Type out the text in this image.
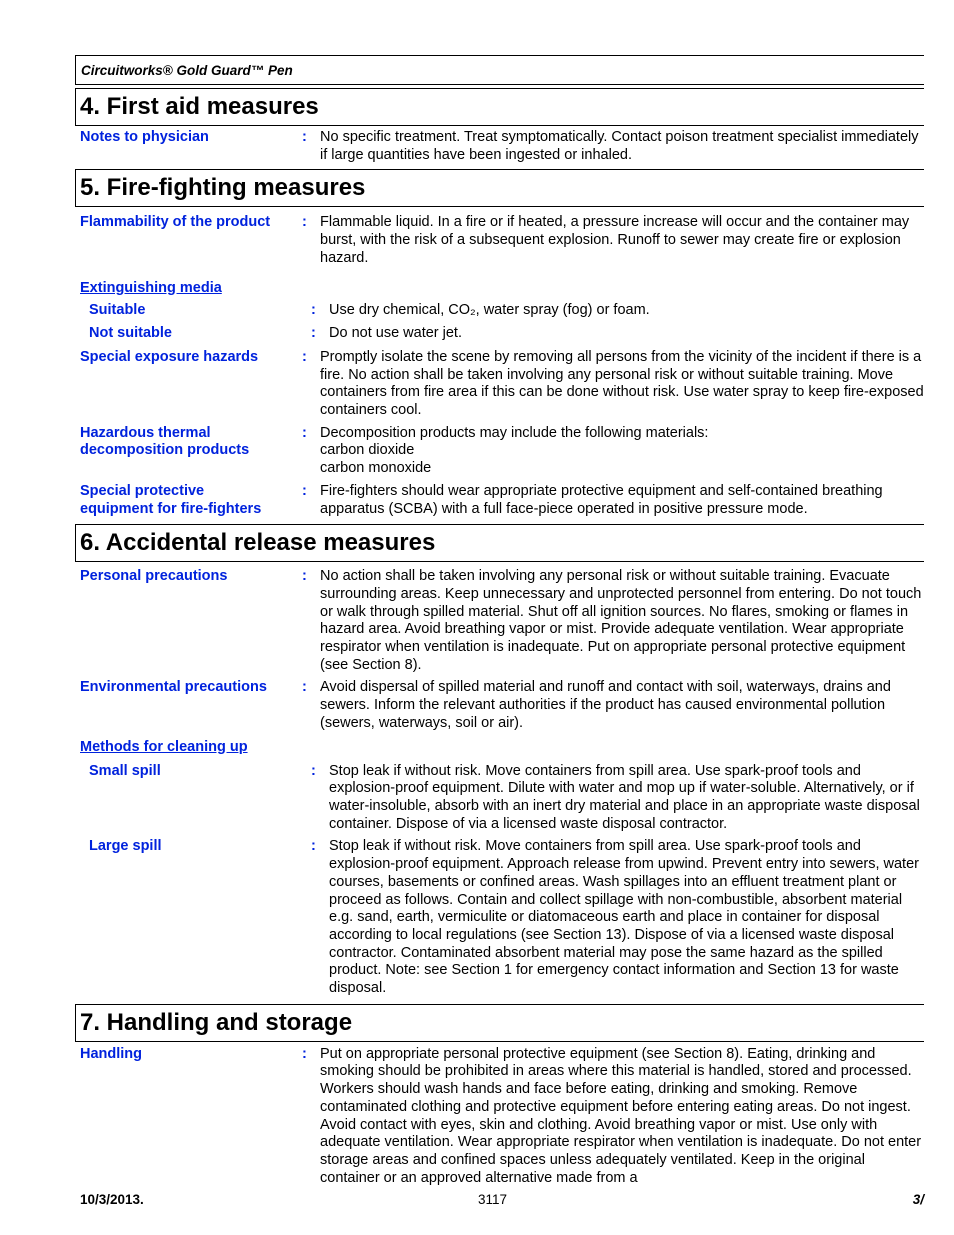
Circuitworks® Gold Guard™ Pen
4. First aid measures
Notes to physician	: No specific treatment. Treat symptomatically. Contact poison treatment specialist immediately if large quantities have been ingested or inhaled.
5. Fire-fighting measures
Flammability of the product	: Flammable liquid. In a fire or if heated, a pressure increase will occur and the container may burst, with the risk of a subsequent explosion. Runoff to sewer may create fire or explosion hazard.
Extinguishing media
Suitable	: Use dry chemical, CO₂, water spray (fog) or foam.
Not suitable	: Do not use water jet.
Special exposure hazards	: Promptly isolate the scene by removing all persons from the vicinity of the incident if there is a fire. No action shall be taken involving any personal risk or without suitable training. Move containers from fire area if this can be done without risk. Use water spray to keep fire-exposed containers cool.
Hazardous thermal
decomposition products
: Decomposition products may include the following materials:
carbon dioxide
carbon monoxide
Special protective
equipment for fire-fighters
: Fire-fighters should wear appropriate protective equipment and self-contained breathing apparatus (SCBA) with a full face-piece operated in positive pressure mode.
6. Accidental release measures
Personal precautions	: No action shall be taken involving any personal risk or without suitable training. Evacuate surrounding areas. Keep unnecessary and unprotected personnel from entering. Do not touch or walk through spilled material. Shut off all ignition sources. No flares, smoking or flames in hazard area. Avoid breathing vapor or mist. Provide adequate ventilation. Wear appropriate respirator when ventilation is inadequate. Put on appropriate personal protective equipment (see Section 8).
Environmental precautions	: Avoid dispersal of spilled material and runoff and contact with soil, waterways, drains and sewers. Inform the relevant authorities if the product has caused environmental pollution (sewers, waterways, soil or air).
Methods for cleaning up
Small spill	: Stop leak if without risk. Move containers from spill area. Use spark-proof tools and explosion-proof equipment. Dilute with water and mop up if water-soluble. Alternatively, or if water-insoluble, absorb with an inert dry material and place in an appropriate waste disposal container. Dispose of via a licensed waste disposal contractor.
Large spill	: Stop leak if without risk. Move containers from spill area. Use spark-proof tools and explosion-proof equipment. Approach release from upwind. Prevent entry into sewers, water courses, basements or confined areas. Wash spillages into an effluent treatment plant or proceed as follows. Contain and collect spillage with non-combustible, absorbent material e.g. sand, earth, vermiculite or diatomaceous earth and place in container for disposal according to local regulations (see Section 13). Dispose of via a licensed waste disposal contractor. Contaminated absorbent material may pose the same hazard as the spilled product. Note: see Section 1 for emergency contact information and Section 13 for waste disposal.
7. Handling and storage
Handling	: Put on appropriate personal protective equipment (see Section 8). Eating, drinking and smoking should be prohibited in areas where this material is handled, stored and processed. Workers should wash hands and face before eating, drinking and smoking. Remove contaminated clothing and protective equipment before entering eating areas. Do not ingest. Avoid contact with eyes, skin and clothing. Avoid breathing vapor or mist. Use only with adequate ventilation. Wear appropriate respirator when ventilation is inadequate. Do not enter storage areas and confined spaces unless adequately ventilated. Keep in the original container or an approved alternative made from a
10/3/2013.	3117	3/
